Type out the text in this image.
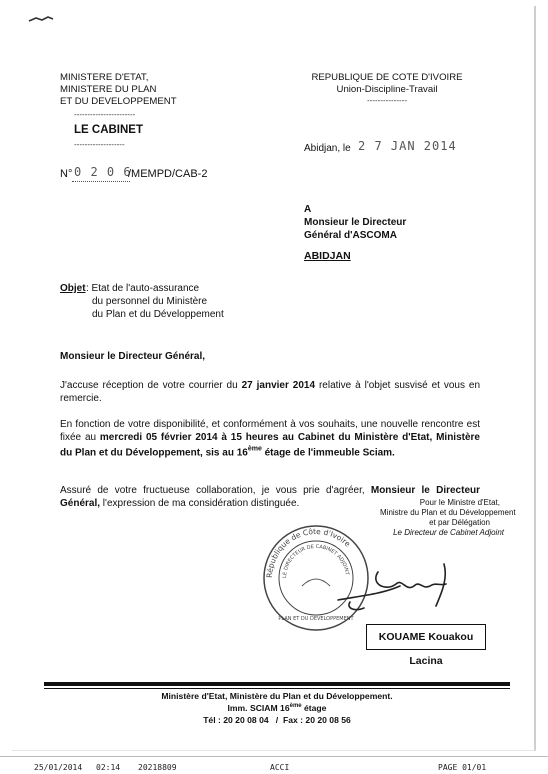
MINISTERE D'ETAT,
MINISTERE DU PLAN
ET DU DEVELOPPEMENT
-----------------------
LE CABINET
-------------------
REPUBLIQUE DE COTE D'IVOIRE
Union-Discipline-Travail
---------------
Abidjan, le 2 7 JAN 2014
N° 0 2 0 6
/MEMPD/CAB-2
A
Monsieur le Directeur
Général d'ASCOMA
ABIDJAN
Objet : Etat de l'auto-assurance
du personnel du Ministère
du Plan et du Développement
Monsieur le Directeur Général,
J'accuse réception de votre courrier du 27 janvier 2014 relative à l'objet susvisé et vous en remercie.
En fonction de votre disponibilité, et conformément à vos souhaits, une nouvelle rencontre est fixée au mercredi 05 février 2014 à 15 heures au Cabinet du Ministère d'Etat, Ministère du Plan et du Développement, sis au 16ème étage de l'immeuble Sciam.
Assuré de votre fructueuse collaboration, je vous prie d'agréer, Monsieur le Directeur Général, l'expression de ma considération distinguée.	Pour le Ministre d'Etat,
Ministre du Plan et du Développement
et par Délégation
Le Directeur de Cabinet Adjoint
République de Côte d'Ivoire
LE DIRECTEUR DE CABINET ADJOINT
PLAN ET DU DÉVELOPPEMENT
KOUAME Kouakou Lacina
Ministère d'Etat, Ministère du Plan et du Développement.
Imm. SCIAM 16ème étage
Tél : 20 20 08 04   /  Fax : 20 20 08 56
25/01/2014 02:14 20218809	ACCI	PAGE 01/01
